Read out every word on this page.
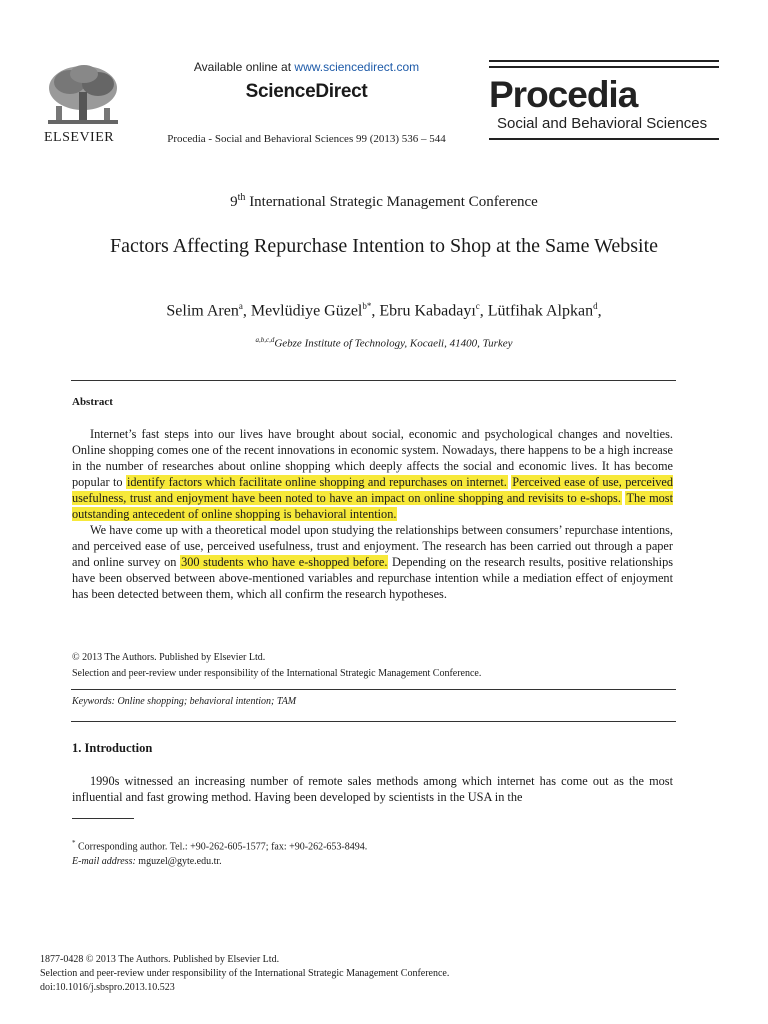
ELSEVIER
Available online at www.sciencedirect.com
ScienceDirect
Procedia - Social and Behavioral Sciences 99 (2013) 536 – 544
Procedia
Social and Behavioral Sciences
9th International Strategic Management Conference
Factors Affecting Repurchase Intention to Shop at the Same Website
Selim Aren$^a$, Mevlüdiye Güzel$^{b*}$, Ebru Kabadayı$^c$, Lütfihak Alpkan$^d$,
$^{a,b,c,d}$Gebze Institute of Technology, Kocaeli, 41400, Turkey
Abstract

Internet’s fast steps into our lives have brought about social, economic and psychological changes and novelties. Online shopping comes one of the recent innovations in economic system. Nowadays, there happens to be a high increase in the number of researches about online shopping which deeply affects the social and economic lives. It has become popular to identify factors which facilitate online shopping and repurchases on internet. Perceived ease of use, perceived usefulness, trust and enjoyment have been noted to have an impact on online shopping and revisits to e-shops. The most outstanding antecedent of online shopping is behavioral intention.

We have come up with a theoretical model upon studying the relationships between consumers’ repurchase intentions, and perceived ease of use, perceived usefulness, trust and enjoyment. The research has been carried out through a paper and online survey on 300 students who have e-shopped before. Depending on the research results, positive relationships have been observed between above-mentioned variables and repurchase intention while a mediation effect of enjoyment has been detected between them, which all confirm the research hypotheses.

© 2013 The Authors. Published by Elsevier Ltd.
Selection and peer-review under responsibility of the International Strategic Management Conference.
Keywords: Online shopping; behavioral intention; TAM
1. Introduction

1990s witnessed an increasing number of remote sales methods among which internet has come out as the most influential and fast growing method. Having been developed by scientists in the USA in the

* Corresponding author. Tel.: +90-262-605-1577; fax: +90-262-653-8494.
E-mail address: mguzel@gyte.edu.tr.
1877-0428 © 2013 The Authors. Published by Elsevier Ltd.
Selection and peer-review under responsibility of the International Strategic Management Conference.
doi:10.1016/j.sbspro.2013.10.523
